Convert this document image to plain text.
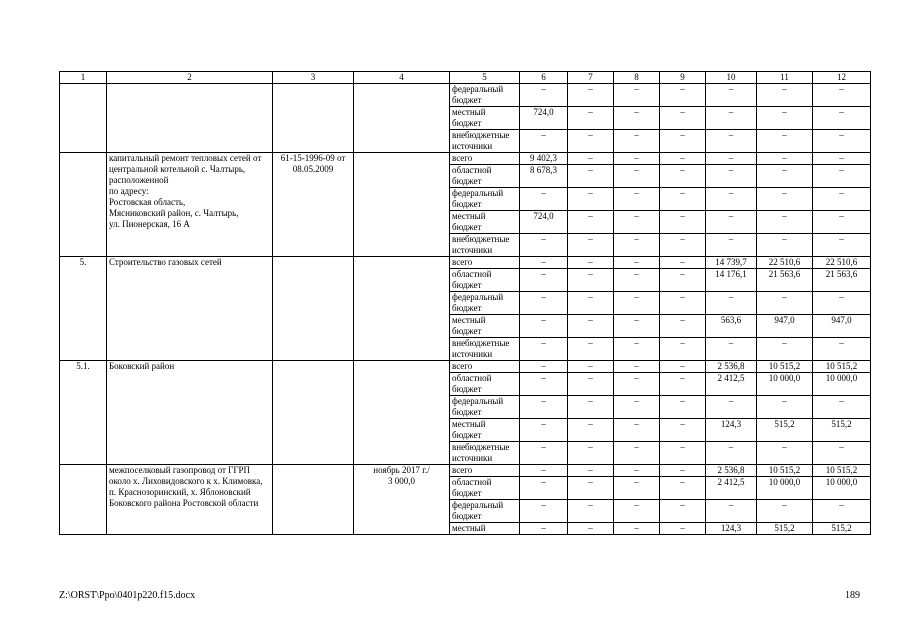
1	2	3	4	5	6	7	8	9	10	11	12
				федеральный бюджет	–	–	–	–	–	–	–
				местный бюджет	724,0	–	–	–	–	–	–
				внебюджетные источники	–	–	–	–	–	–	–
	капитальный ремонт тепловых сетей от центральной котельной с. Чалтырь, расположенной
по адресу:
Ростовская область,
Мясниковский район, с. Чалтырь,
ул. Пионерская, 16 А	61-15-1996-09 от 08.05.2009		всего	9 402,3	–	–	–	–	–	–
				областной бюджет	8 678,3	–	–	–	–	–	–
				федеральный бюджет	–	–	–	–	–	–	–
				местный бюджет	724,0	–	–	–	–	–	–
				внебюджетные источники	–	–	–	–	–	–	–
5.	Строительство газовых сетей			всего	–	–	–	–	14 739,7	22 510,6	22 510,6
				областной бюджет	–	–	–	–	14 176,1	21 563,6	21 563,6
				федеральный бюджет	–	–	–	–	–	–	–
				местный бюджет	–	–	–	–	563,6	947,0	947,0
				внебюджетные источники	–	–	–	–	–	–	–
5.1.	Боковский район			всего	–	–	–	–	2 536,8	10 515,2	10 515,2
				областной бюджет	–	–	–	–	2 412,5	10 000,0	10 000,0
				федеральный бюджет	–	–	–	–	–	–	–
				местный бюджет	–	–	–	–	124,3	515,2	515,2
				внебюджетные источники	–	–	–	–	–	–	–
	межпоселковый газопровод от ГГРП около х. Лиховидовского к х. Климовка, п. Краснозоринский, х. Яблоновский Боковского района Ростовской области		ноябрь 2017 г./
3 000,0	всего	–	–	–	–	2 536,8	10 515,2	10 515,2
				областной бюджет	–	–	–	–	2 412,5	10 000,0	10 000,0
				федеральный бюджет	–	–	–	–	–	–	–
				местный	–	–	–	–	124,3	515,2	515,2
Z:\ORST\Ppo\0401p220.f15.docx	189
